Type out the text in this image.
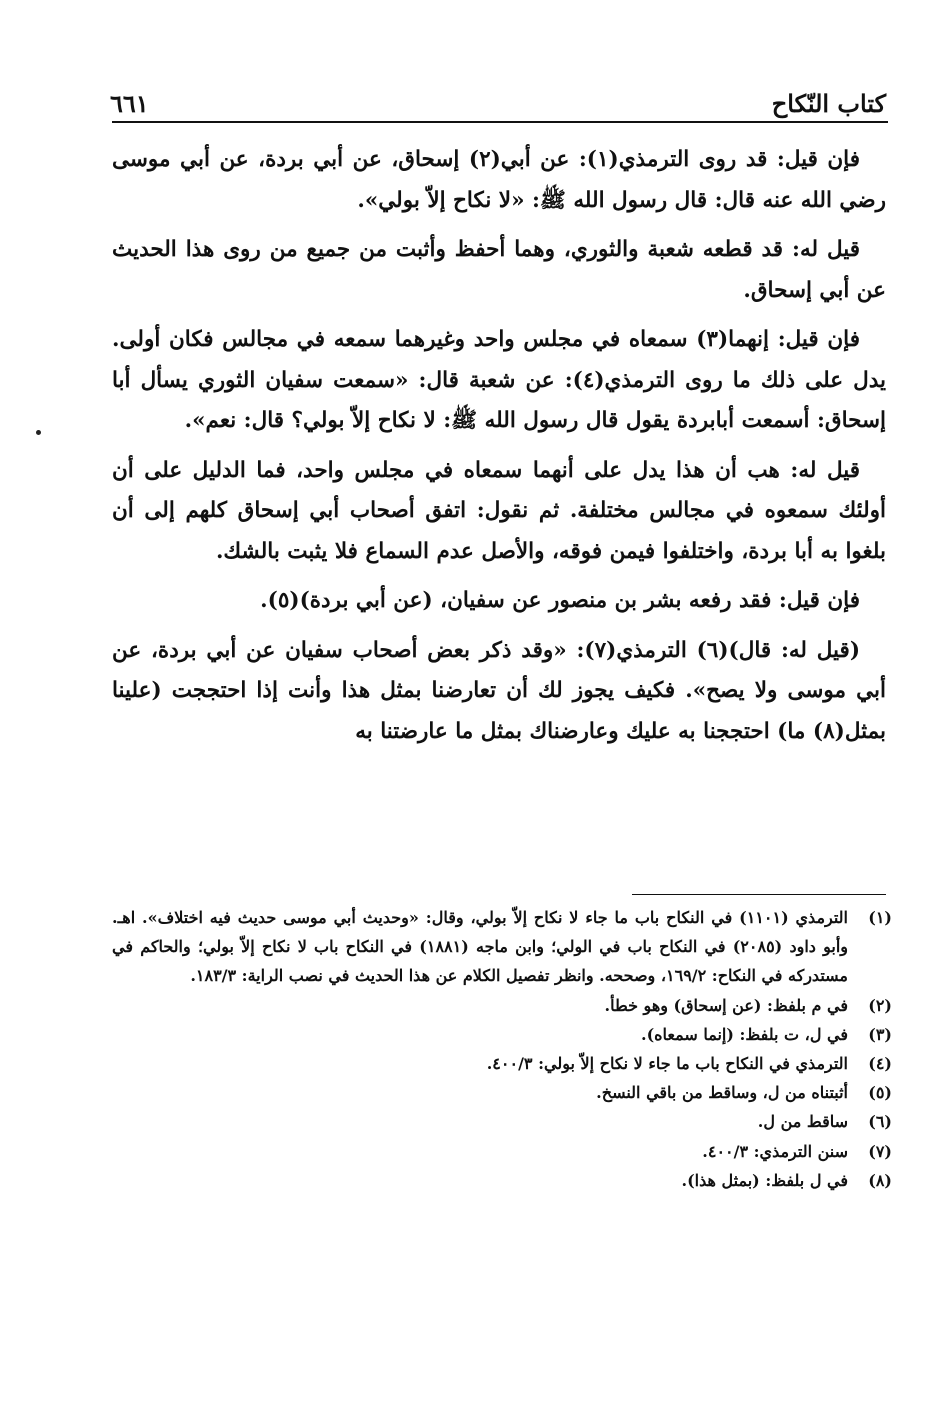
كتاب النّكاح
٦٦١

فإن قيل: قد روى الترمذي(١): عن أبي(٢) إسحاق، عن أبي بردة، عن أبي موسى رضي الله عنه قال: قال رسول الله ﷺ: «لا نكاح إلاّ بولي».

قيل له: قد قطعه شعبة والثوري، وهما أحفظ وأثبت من جميع من روى هذا الحديث عن أبي إسحاق.

فإن قيل: إنهما(٣) سمعاه في مجلس واحد وغيرهما سمعه في مجالس فكان أولى. يدل على ذلك ما روى الترمذي(٤): عن شعبة قال: «سمعت سفيان الثوري يسأل أبا إسحاق: أسمعت أبابردة يقول قال رسول الله ﷺ: لا نكاح إلاّ بولي؟ قال: نعم».

قيل له: هب أن هذا يدل على أنهما سمعاه في مجلس واحد، فما الدليل على أن أولئك سمعوه في مجالس مختلفة. ثم نقول: اتفق أصحاب أبي إسحاق كلهم إلى أن بلغوا به أبا بردة، واختلفوا فيمن فوقه، والأصل عدم السماع فلا يثبت بالشك.

فإن قيل: فقد رفعه بشر بن منصور عن سفيان، (عن أبي بردة)(٥).

(قيل له: قال)(٦) الترمذي(٧): «وقد ذكر بعض أصحاب سفيان عن أبي بردة، عن أبي موسى ولا يصح». فكيف يجوز لك أن تعارضنا بمثل هذا وأنت إذا احتججت (علينا بمثل(٨) ما) احتججنا به عليك وعارضناك بمثل ما عارضتنا به

(١)
الترمذي (١١٠١) في النكاح باب ما جاء لا نكاح إلاّ بولي، وقال: «وحديث أبي موسى حديث فيه اختلاف». اهـ. وأبو داود (٢٠٨٥) في النكاح باب في الولي؛ وابن ماجه (١٨٨١) في النكاح باب لا نكاح إلاّ بولي؛ والحاكم في مستدركه في النكاح: ١٦٩/٢، وصححه. وانظر تفصيل الكلام عن هذا الحديث في نصب الراية: ١٨٣/٣.
(٢)
في م بلفظ: (عن إسحاق) وهو خطأ.
(٣)
في ل، ت بلفظ: (إنما سمعاه).
(٤)
الترمذي في النكاح باب ما جاء لا نكاح إلاّ بولي: ٤٠٠/٣.
(٥)
أثبتناه من ل، وساقط من باقي النسخ.
(٦)
ساقط من ل.
(٧)
سنن الترمذي: ٤٠٠/٣.
(٨)
في ل بلفظ: (بمثل هذا).
